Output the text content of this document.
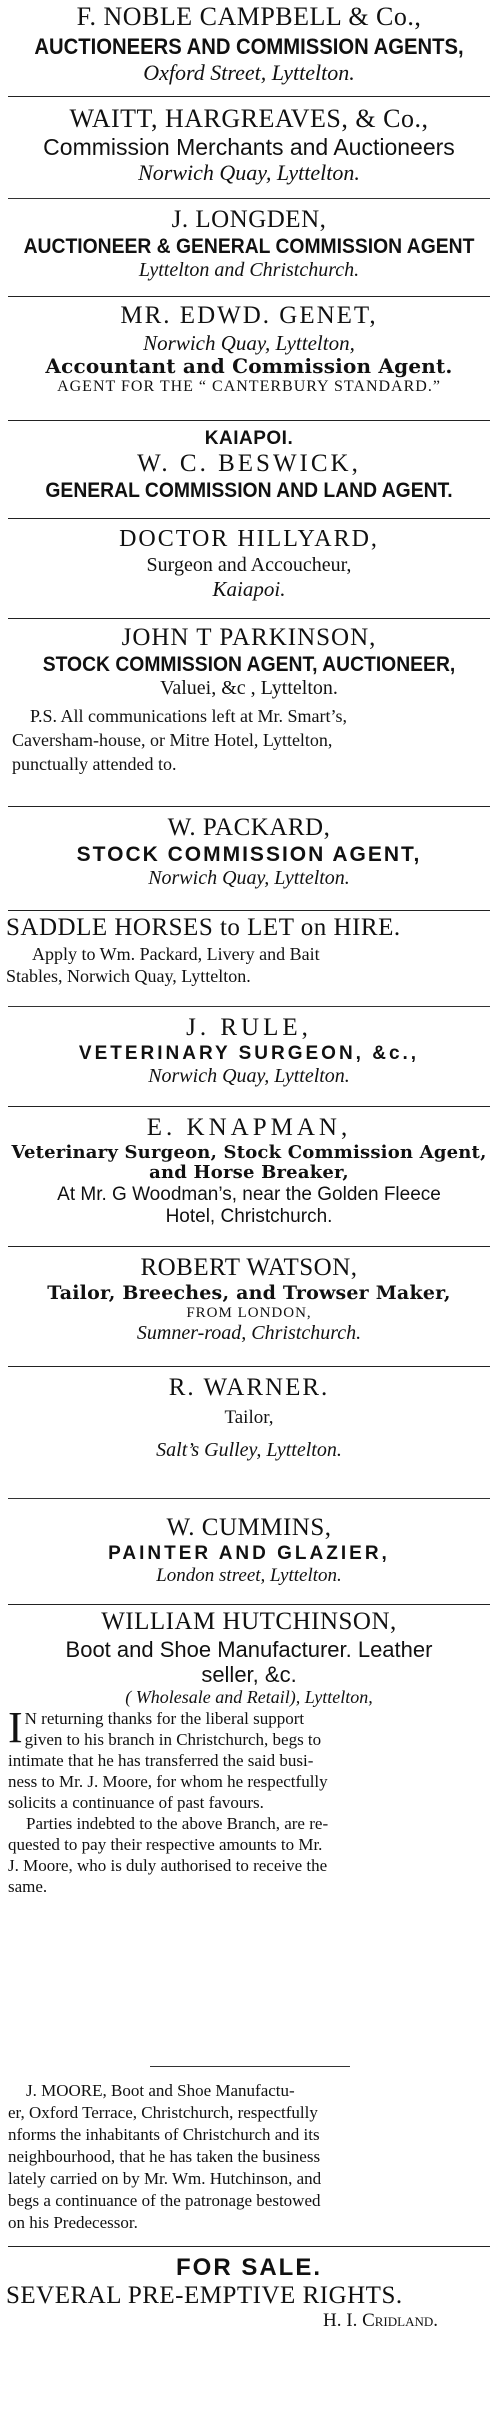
F. NOBLE CAMPBELL & Co.,
AUCTIONEERS AND COMMISSION AGENTS,
Oxford Street, Lyttelton.
WAITT, HARGREAVES, & Co.,
Commission Merchants and Auctioneers
Norwich Quay, Lyttelton.
J. LONGDEN,
AUCTIONEER & GENERAL COMMISSION AGENT
Lyttelton and Christchurch.
MR. EDWD. GENET,
Norwich Quay, Lyttelton,
Accountant and Commission Agent.
AGENT FOR THE “ CANTERBURY STANDARD.”
KAIAPOI.
W. C. BESWICK,
GENERAL COMMISSION AND LAND AGENT.
DOCTOR HILLYARD,
Surgeon and Accoucheur,
Kaiapoi.
JOHN T PARKINSON,
STOCK COMMISSION AGENT, AUCTIONEER,
Valuei, &c , Lyttelton.
P.S. All communications left at Mr. Smart’s,
Caversham-house, or Mitre Hotel, Lyttelton,
punctually attended to.
W. PACKARD,
STOCK COMMISSION AGENT,
Norwich Quay, Lyttelton.
SADDLE HORSES to LET on HIRE.
Apply to Wm. Packard, Livery and Bait
Stables, Norwich Quay, Lyttelton.
J. RULE,
VETERINARY SURGEON, &c.,
Norwich Quay, Lyttelton.
E. KNAPMAN,
Veterinary Surgeon, Stock Commission Agent,
and Horse Breaker,
At Mr. G Woodman’s, near the Golden Fleece
Hotel, Christchurch.
ROBERT WATSON,
Tailor, Breeches, and Trowser Maker,
FROM LONDON,
Sumner-road, Christchurch.
R. WARNER.
Tailor,
Salt’s Gulley, Lyttelton.
W. CUMMINS,
PAINTER AND GLAZIER,
London street, Lyttelton.
WILLIAM HUTCHINSON,
Boot and Shoe Manufacturer. Leather
seller, &c.
( Wholesale and Retail), Lyttelton,
I N returning thanks for the liberal support
given to his branch in Christchurch, begs to
intimate that he has transferred the said busi-
ness to Mr. J. Moore, for whom he respectfully
solicits a continuance of past favours.
Parties indebted to the above Branch, are re-
quested to pay their respective amounts to Mr.
J. Moore, who is duly authorised to receive the
same.
J. MOORE, Boot and Shoe Manufactu-
er, Oxford Terrace, Christchurch, respectfully
nforms the inhabitants of Christchurch and its
neighbourhood, that he has taken the business
lately carried on by Mr. Wm. Hutchinson, and
begs a continuance of the patronage bestowed
on his Predecessor.
FOR SALE.
SEVERAL PRE-EMPTIVE RIGHTS.
H. I. Cridland.
